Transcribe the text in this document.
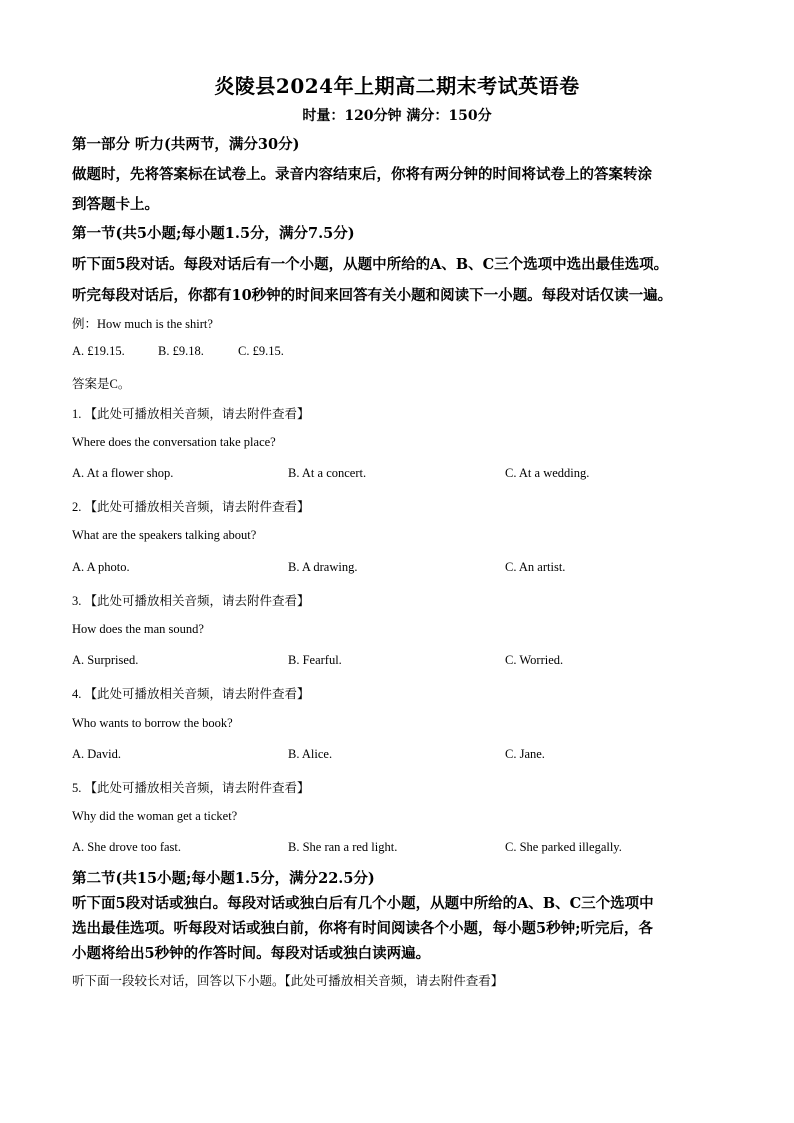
炎陵县2024年上期高二期末考试英语卷
时量：120分钟 满分：150分
第一部分 听力(共两节，满分30分)
做题时，先将答案标在试卷上。录音内容结束后，你将有两分钟的时间将试卷上的答案转涂
到答题卡上。
第一节(共5小题;每小题1.5分，满分7.5分)
听下面5段对话。每段对话后有一个小题，从题中所给的A、B、C三个选项中选出最佳选项。
听完每段对话后，你都有10秒钟的时间来回答有关小题和阅读下一小题。每段对话仅读一遍。
例：How much is the shirt?
A. £19.15.	B. £9.18.	C. £9.15.
答案是C。
1. 【此处可播放相关音频，请去附件查看】
Where does the conversation take place?
A. At a flower shop.	B. At a concert.	C. At a wedding.
2. 【此处可播放相关音频，请去附件查看】
What are the speakers talking about?
A. A photo.	B. A drawing.	C. An artist.
3. 【此处可播放相关音频，请去附件查看】
How does the man sound?
A. Surprised.	B. Fearful.	C. Worried.
4. 【此处可播放相关音频，请去附件查看】
Who wants to borrow the book?
A. David.	B. Alice.	C. Jane.
5. 【此处可播放相关音频，请去附件查看】
Why did the woman get a ticket?
A. She drove too fast.	B. She ran a red light.	C. She parked illegally.
第二节(共15小题;每小题1.5分，满分22.5分)
听下面5段对话或独白。每段对话或独白后有几个小题，从题中所给的A、B、C三个选项中
选出最佳选项。听每段对话或独白前，你将有时间阅读各个小题，每小题5秒钟;听完后，各
小题将给出5秒钟的作答时间。每段对话或独白读两遍。
听下面一段较长对话，回答以下小题。【此处可播放相关音频，请去附件查看】
